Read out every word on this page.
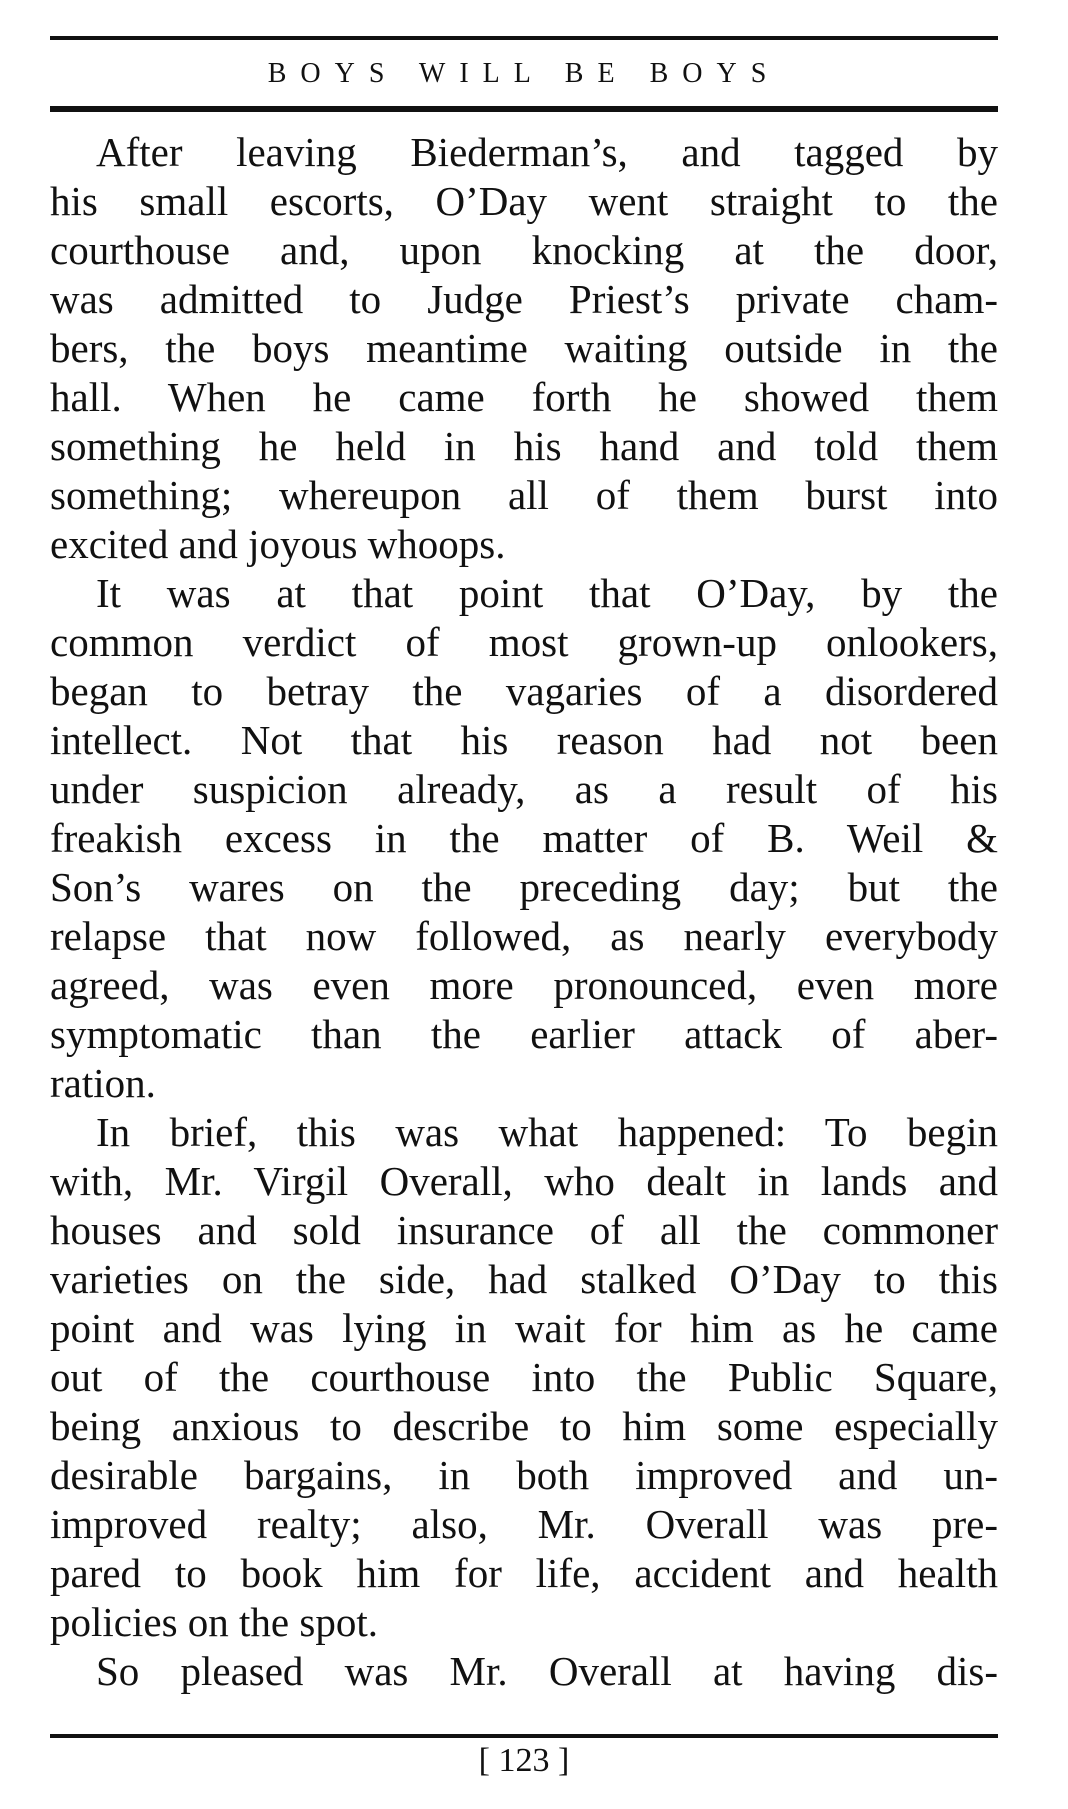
BOYS WILL BE BOYS
After leaving Biederman’s, and tagged by
his small escorts, O’Day went straight to the
courthouse and, upon knocking at the door,
was admitted to Judge Priest’s private cham-
bers, the boys meantime waiting outside in the
hall. When he came forth he showed them
something he held in his hand and told them
something; whereupon all of them burst into
excited and joyous whoops.
It was at that point that O’Day, by the
common verdict of most grown-up onlookers,
began to betray the vagaries of a disordered
intellect. Not that his reason had not been
under suspicion already, as a result of his
freakish excess in the matter of B. Weil &
Son’s wares on the preceding day; but the
relapse that now followed, as nearly everybody
agreed, was even more pronounced, even more
symptomatic than the earlier attack of aber-
ration.
In brief, this was what happened: To begin
with, Mr. Virgil Overall, who dealt in lands and
houses and sold insurance of all the commoner
varieties on the side, had stalked O’Day to this
point and was lying in wait for him as he came
out of the courthouse into the Public Square,
being anxious to describe to him some especially
desirable bargains, in both improved and un-
improved realty; also, Mr. Overall was pre-
pared to book him for life, accident and health
policies on the spot.
So pleased was Mr. Overall at having dis-
[ 123 ]
